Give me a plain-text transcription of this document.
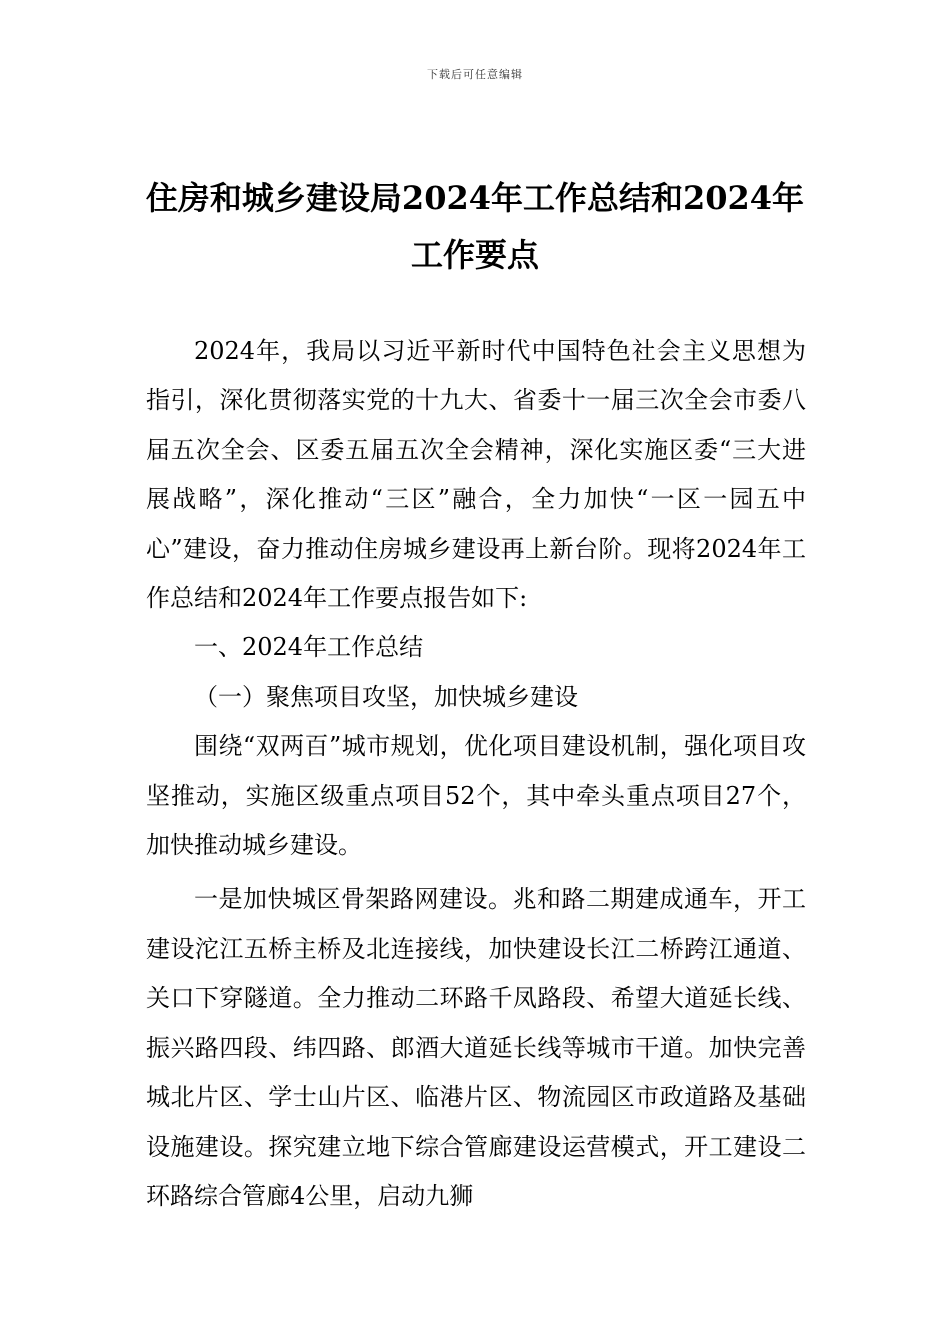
下载后可任意编辑
住房和城乡建设局2024年工作总结和2024年工作要点

2024年，我局以习近平新时代中国特色社会主义思想为指引，深化贯彻落实党的十九大、省委十一届三次全会市委八届五次全会、区委五届五次全会精神，深化实施区委“三大进展战略”，深化推动“三区”融合，全力加快“一区一园五中心”建设，奋力推动住房城乡建设再上新台阶。现将2024年工作总结和2024年工作要点报告如下:

一、2024年工作总结

（一）聚焦项目攻坚，加快城乡建设

围绕“双两百”城市规划，优化项目建设机制，强化项目攻坚推动，实施区级重点项目52个，其中牵头重点项目27个，加快推动城乡建设。

一是加快城区骨架路网建设。兆和路二期建成通车，开工建设沱江五桥主桥及北连接线，加快建设长江二桥跨江通道、关口下穿隧道。全力推动二环路千凤路段、希望大道延长线、振兴路四段、纬四路、郎酒大道延长线等城市干道。加快完善城北片区、学士山片区、临港片区、物流园区市政道路及基础设施建设。探究建立地下综合管廊建设运营模式，开工建设二环路综合管廊4公里，启动九狮
